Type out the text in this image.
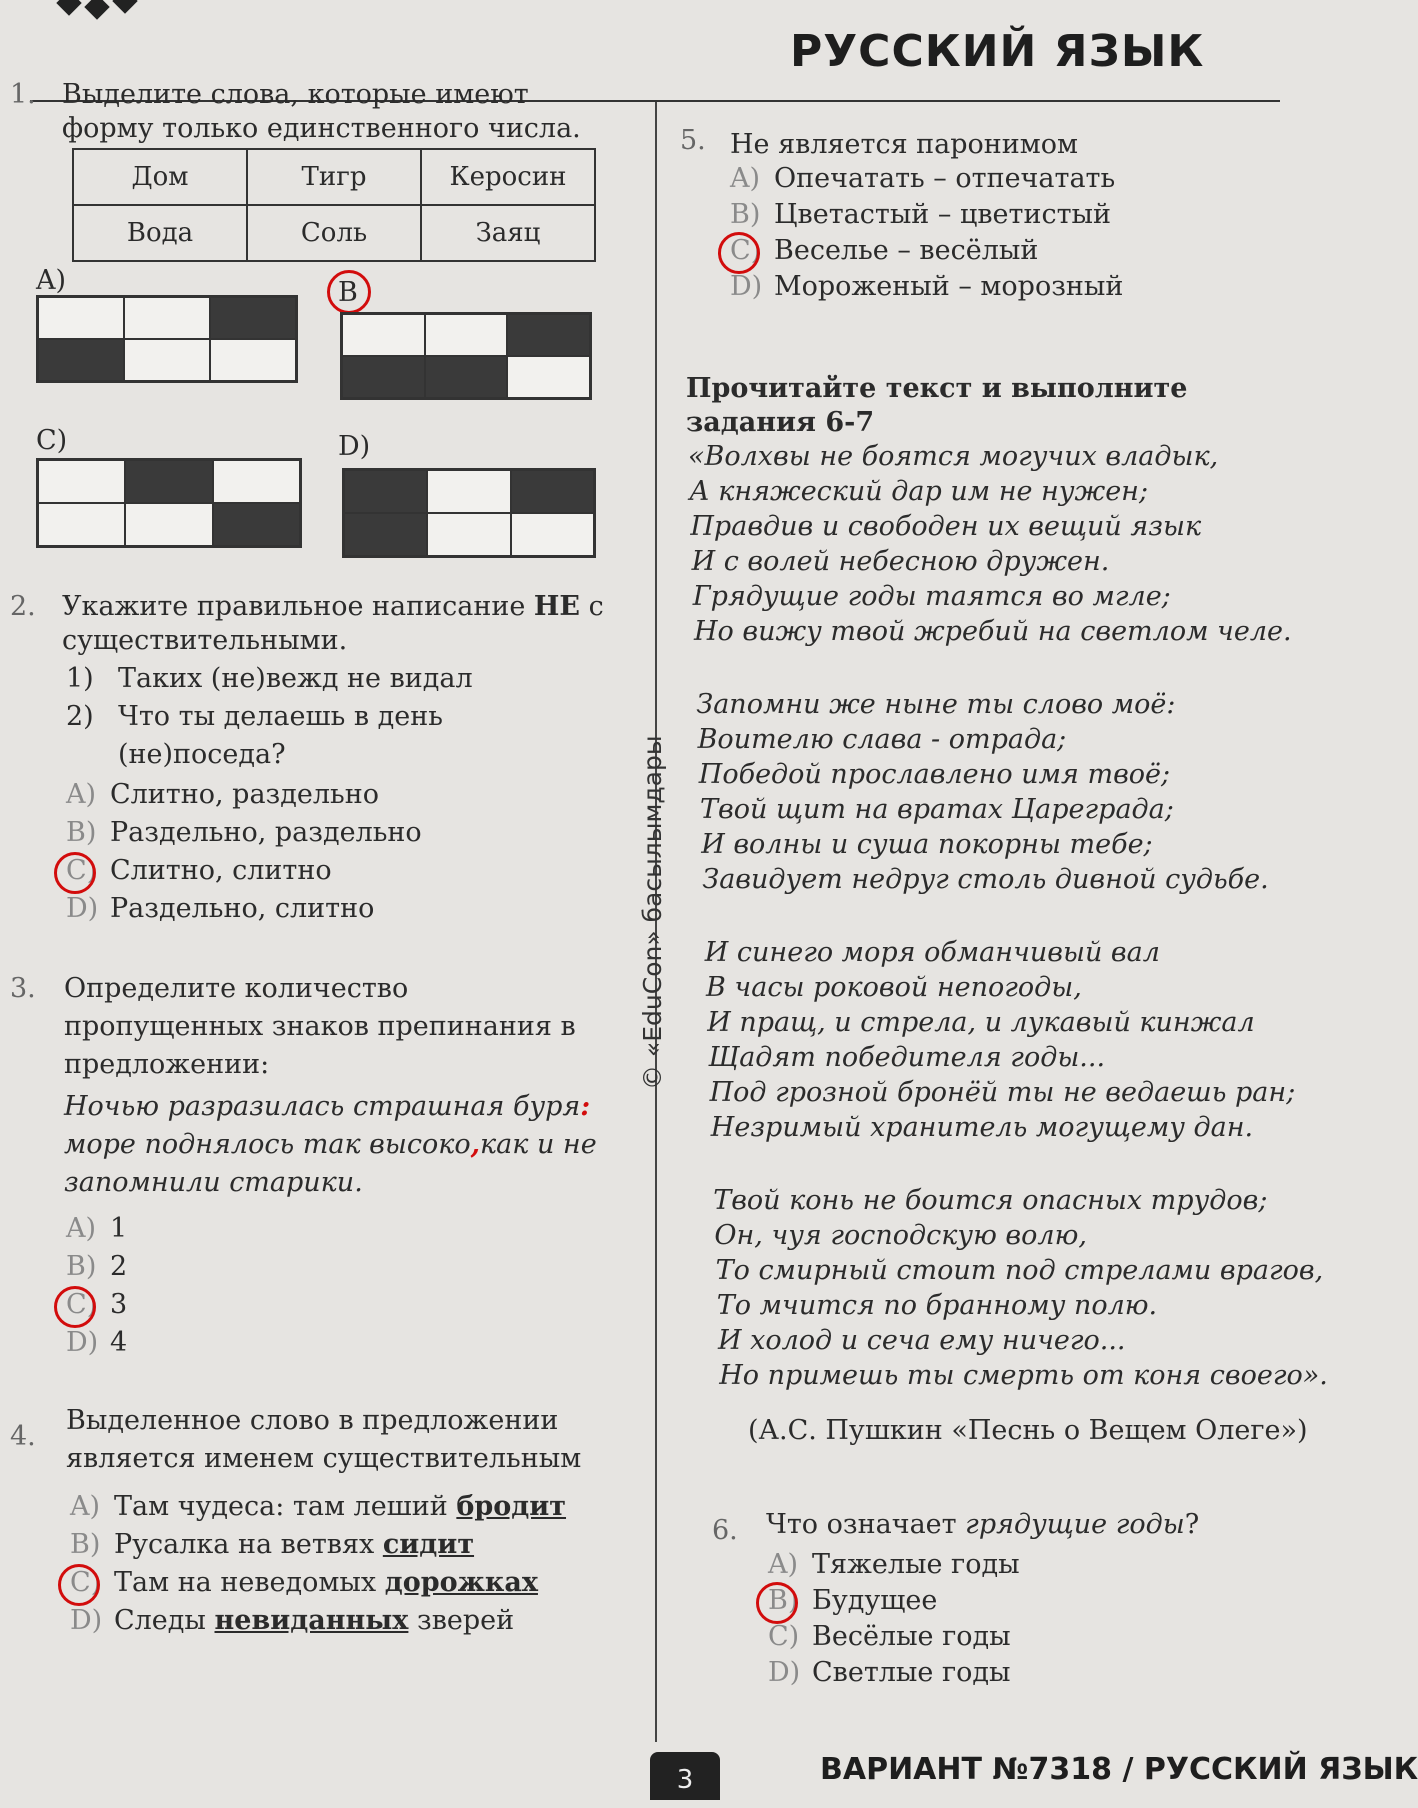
РУССКИЙ ЯЗЫК
1. Выделите слова, которые имеют
форму только единственного числа.
Дом	Тигр	Керосин
Вода	Соль	Заяц
A)	B
C)	D)
2. Укажите правильное написание НЕ с
существительными.
1) Таких (не)вежд не видал
2) Что ты делаешь в день
(не)поседа?
A) Слитно, раздельно
B) Раздельно, раздельно
C) Слитно, слитно
D) Раздельно, слитно
3. Определите количество
пропущенных знаков препинания в
предложении:
Ночью разразилась страшная буря:
море поднялось так высоко,как и не
запомнили старики.
A) 1
B) 2
C) 3
D) 4
4.
Выделенное слово в предложении
является именем существительным
A) Там чудеса: там леший бродит
B) Русалка на ветвях сидит
C) Там на неведомых дорожках
D) Следы невиданных зверей
5. Не является паронимом
A) Опечатать – отпечатать
B) Цветастый – цветистый
C) Веселье – весёлый
D) Мороженый – морозный
Прочитайте текст и выполните
задания 6-7
«Волхвы не боятся могучих владык,
А княжеский дар им не нужен;
Правдив и свободен их вещий язык
И с волей небесною дружен.
Грядущие годы таятся во мгле;
Но вижу твой жребий на светлом челе.
Запомни же ныне ты слово моё:
Воителю слава - отрада;
Победой прославлено имя твоё;
Твой щит на вратах Цареграда;
И волны и суша покорны тебе;
Завидует недруг столь дивной судьбе.
И синего моря обманчивый вал
В часы роковой непогоды,
И пращ, и стрела, и лукавый кинжал
Щадят победителя годы...
Под грозной бронёй ты не ведаешь ран;
Незримый хранитель могущему дан.
Твой конь не боится опасных трудов;
Он, чуя господскую волю,
То смирный стоит под стрелами врагов,
То мчится по бранному полю.
И холод и сеча ему ничего...
Но примешь ты смерть от коня своего».
(А.С. Пушкин «Песнь о Вещем Олеге»)
6. Что означает грядущие годы?
A) Тяжелые годы
B) Будущее
C) Весёлые годы
D) Светлые годы
© «EduCon» басылымдары
3	ВАРИАНТ №7318 / РУССКИЙ ЯЗЫК
